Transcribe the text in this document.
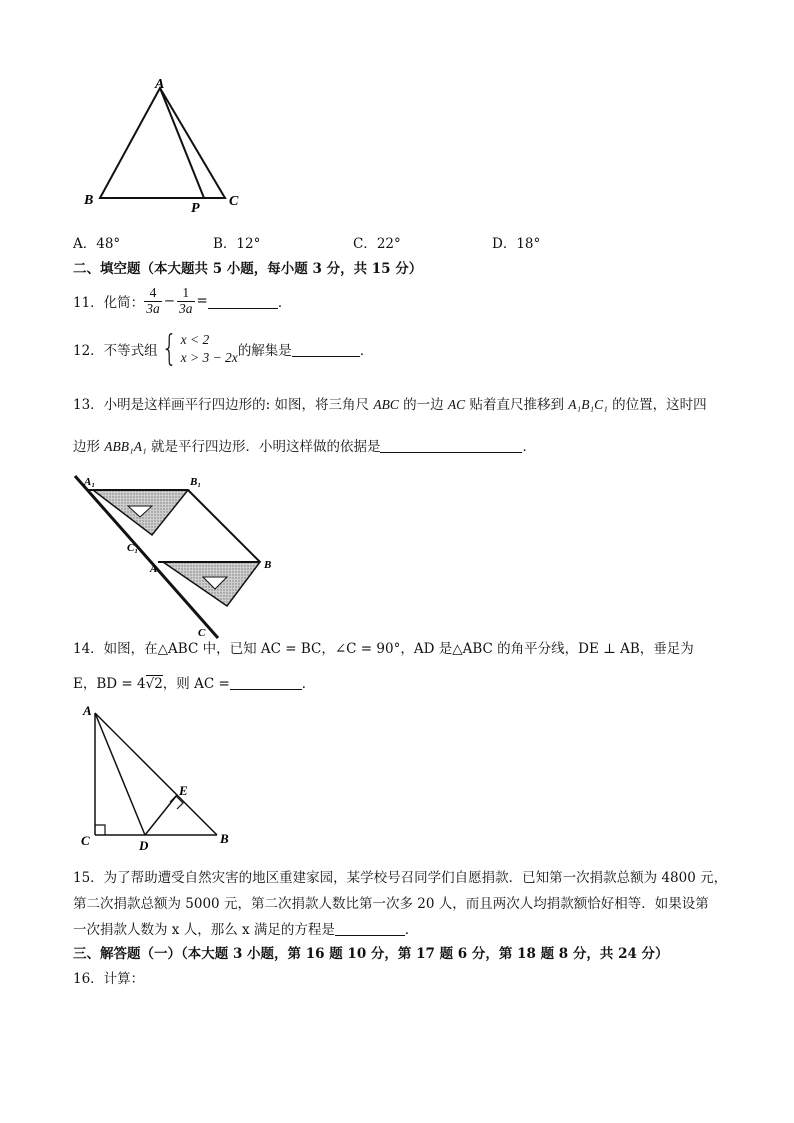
A
B
P C
A．48°	B．12°	C．22°	D．18°
二、填空题（本大题共 5 小题，每小题 3 分，共 15 分）
11．化简： $\frac{4}{3a} - \frac{1}{3a}$ =	．
12．不等式组 { x < 2
x > 3 − 2x 的解集是	．
13．小明是这样画平行四边形的: 如图，将三角尺 ABC 的一边 AC 贴着直尺推移到 A₁B₁C₁ 的位置，这时四
边形 ABB₁A₁ 就是平行四边形．小明这样做的依据是	．
A₁	B₁
C₁
A	B
C
14．如图，在△ABC 中，已知 AC = BC，∠C = 90°，AD 是△ABC 的角平分线，DE ⊥ AB，垂足为
E，BD = 4√2，则 AC =	．
A
C	D
E
B
15．为了帮助遭受自然灾害的地区重建家园，某学校号召同学们自愿捐款．已知第一次捐款总额为 4800 元，
第二次捐款总额为 5000 元，第二次捐款人数比第一次多 20 人，而且两次人均捐款额恰好相等．如果设第
一次捐款人数为 x 人，那么 x 满足的方程是	．
三、解答题（一）（本大题 3 小题，第 16 题 10 分，第 17 题 6 分，第 18 题 8 分，共 24 分）
16．计算：
